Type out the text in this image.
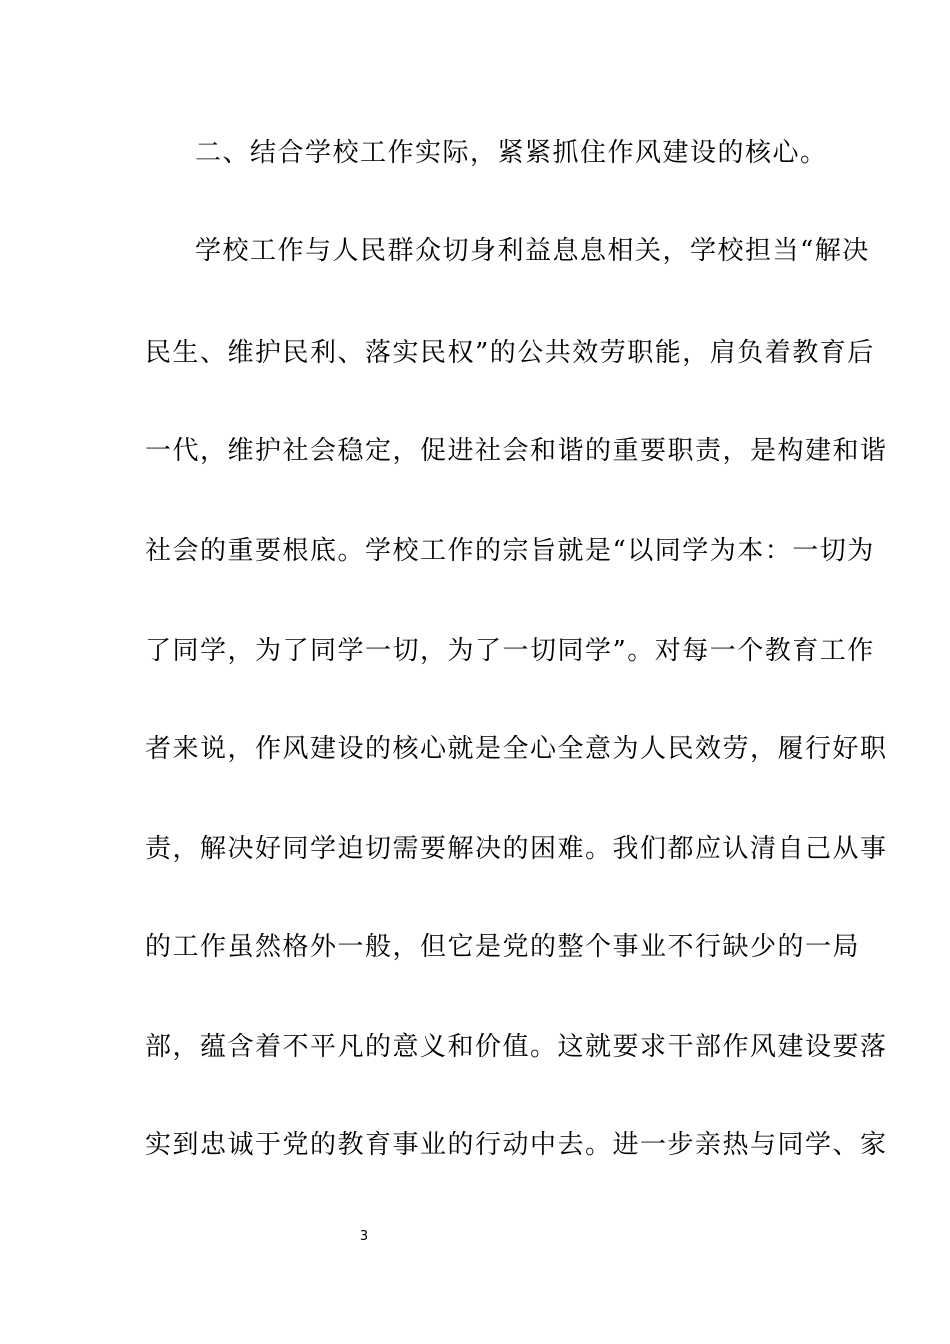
二、结合学校工作实际，紧紧抓住作风建设的核心。
学校工作与人民群众切身利益息息相关，学校担当“解决
民生、维护民利、落实民权”的公共效劳职能，肩负着教育后
一代，维护社会稳定，促进社会和谐的重要职责，是构建和谐
社会的重要根底。学校工作的宗旨就是“以同学为本：一切为
了同学，为了同学一切，为了一切同学”。对每一个教育工作
者来说，作风建设的核心就是全心全意为人民效劳，履行好职
责，解决好同学迫切需要解决的困难。我们都应认清自己从事
的工作虽然格外一般，但它是党的整个事业不行缺少的一局
部，蕴含着不平凡的意义和价值。这就要求干部作风建设要落
实到忠诚于党的教育事业的行动中去。进一步亲热与同学、家
3
